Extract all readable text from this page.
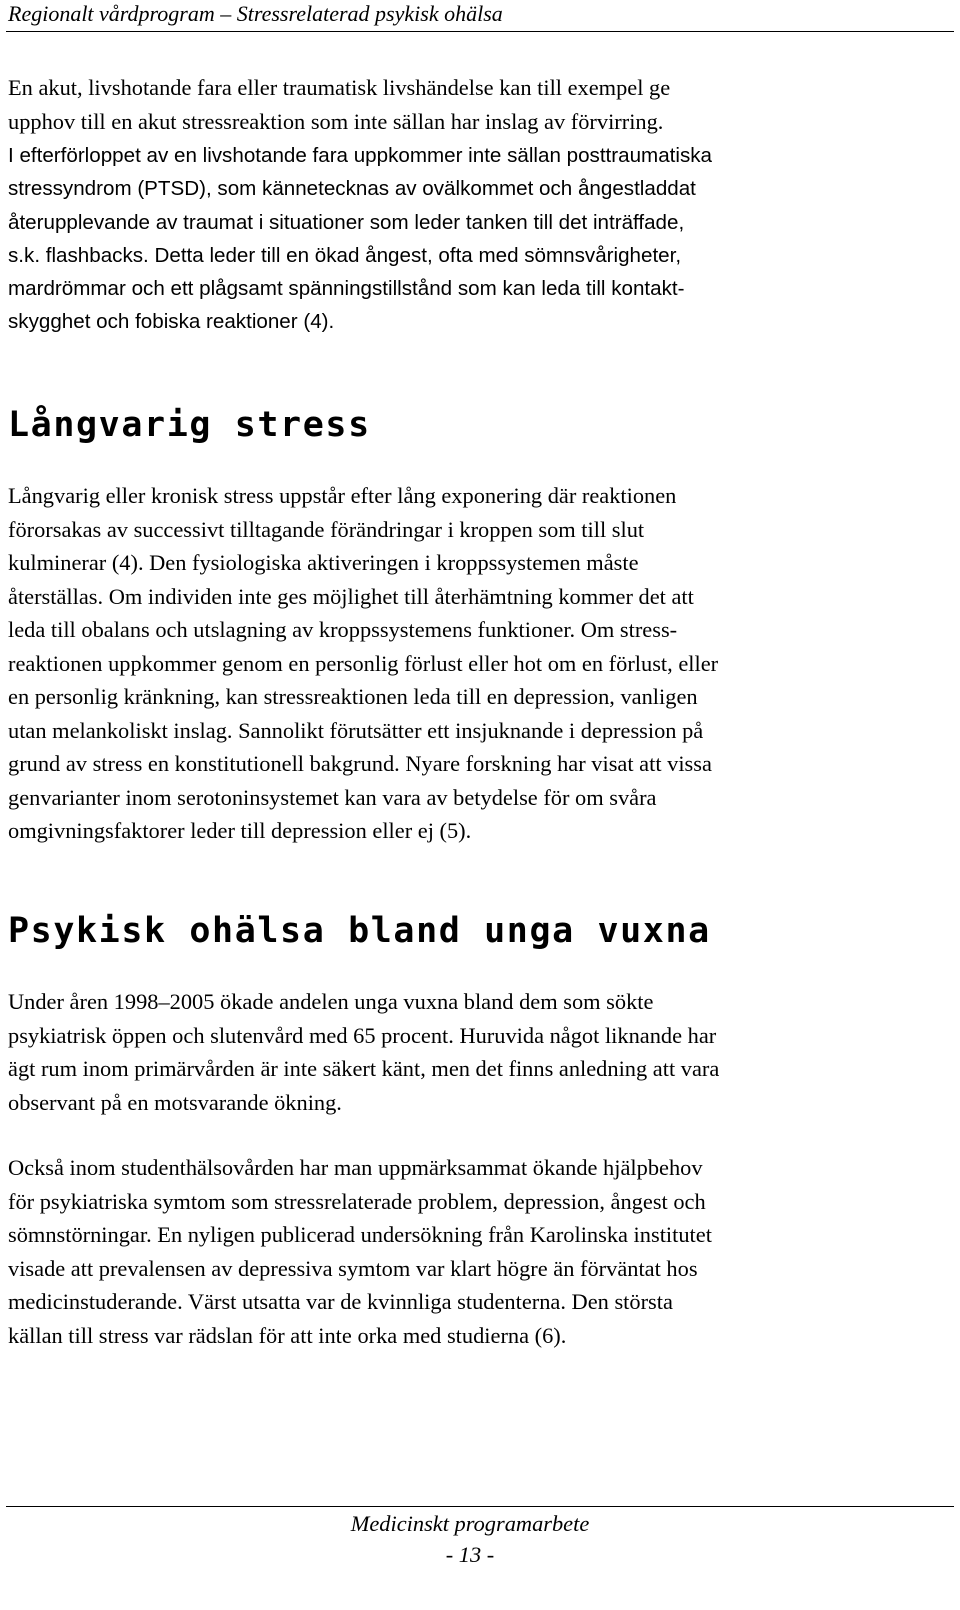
Regionalt vårdprogram – Stressrelaterad psykisk ohälsa
En akut, livshotande fara eller traumatisk livshändelse kan till exempel ge
upphov till en akut stressreaktion som inte sällan har inslag av förvirring.
I efterförloppet av en livshotande fara uppkommer inte sällan posttraumatiska
stressyndrom (PTSD), som kännetecknas av ovälkommet och ångestladdat
återupplevande av traumat i situationer som leder tanken till det inträffade,
s.k. flashbacks. Detta leder till en ökad ångest, ofta med sömnsvårigheter,
mardrömmar och ett plågsamt spänningstillstånd som kan leda till kontakt-
skygghet och fobiska reaktioner (4).
Långvarig stress
Långvarig eller kronisk stress uppstår efter lång exponering där reaktionen
förorsakas av successivt tilltagande förändringar i kroppen som till slut
kulminerar (4). Den fysiologiska aktiveringen i kroppssystemen måste
återställas. Om individen inte ges möjlighet till återhämtning kommer det att
leda till obalans och utslagning av kroppssystemens funktioner. Om stress-
reaktionen uppkommer genom en personlig förlust eller hot om en förlust, eller
en personlig kränkning, kan stressreaktionen leda till en depression, vanligen
utan melankoliskt inslag. Sannolikt förutsätter ett insjuknande i depression på
grund av stress en konstitutionell bakgrund. Nyare forskning har visat att vissa
genvarianter inom serotoninsystemet kan vara av betydelse för om svåra
omgivningsfaktorer leder till depression eller ej (5).
Psykisk ohälsa bland unga vuxna
Under åren 1998–2005 ökade andelen unga vuxna bland dem som sökte
psykiatrisk öppen och slutenvård med 65 procent. Huruvida något liknande har
ägt rum inom primärvården är inte säkert känt, men det finns anledning att vara
observant på en motsvarande ökning.
Också inom studenthälsovården har man uppmärksammat ökande hjälpbehov
för psykiatriska symtom som stressrelaterade problem, depression, ångest och
sömnstörningar. En nyligen publicerad undersökning från Karolinska institutet
visade att prevalensen av depressiva symtom var klart högre än förväntat hos
medicinstuderande. Värst utsatta var de kvinnliga studenterna. Den största
källan till stress var rädslan för att inte orka med studierna (6).
Medicinskt programarbete
- 13 -
